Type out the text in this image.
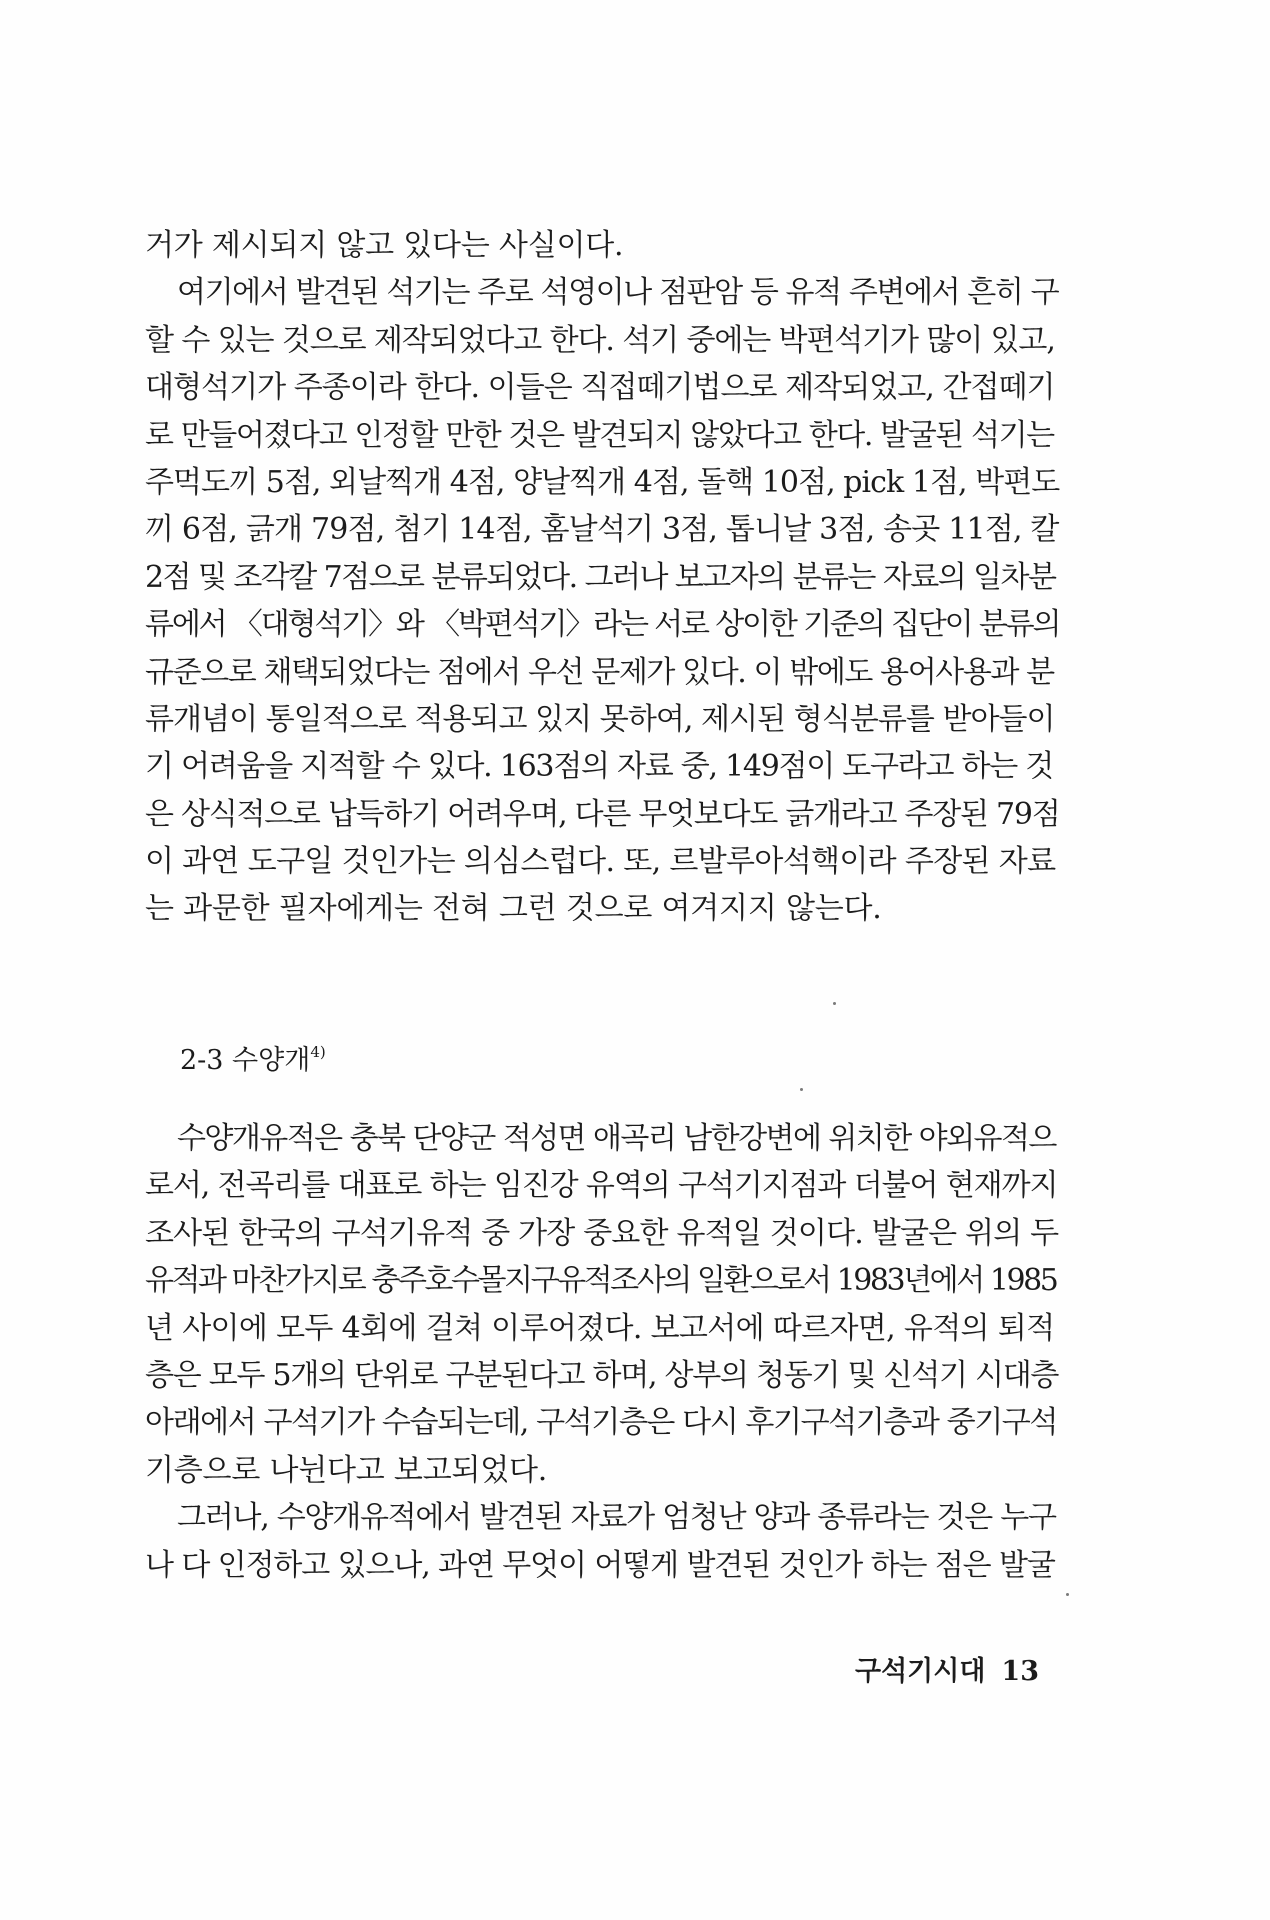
거가 제시되지 않고 있다는 사실이다.
여기에서 발견된 석기는 주로 석영이나 점판암 등 유적 주변에서 흔히 구
할 수 있는 것으로 제작되었다고 한다. 석기 중에는 박편석기가 많이 있고,
대형석기가 주종이라 한다. 이들은 직접떼기법으로 제작되었고, 간접떼기
로 만들어졌다고 인정할 만한 것은 발견되지 않았다고 한다. 발굴된 석기는
주먹도끼 5점, 외날찍개 4점, 양날찍개 4점, 돌핵 10점, pick 1점, 박편도
끼 6점, 긁개 79점, 첨기 14점, 홈날석기 3점, 톱니날 3점, 송곳 11점, 칼
2점 및 조각칼 7점으로 분류되었다. 그러나 보고자의 분류는 자료의 일차분
류에서 〈대형석기〉와 〈박편석기〉라는 서로 상이한 기준의 집단이 분류의
규준으로 채택되었다는 점에서 우선 문제가 있다. 이 밖에도 용어사용과 분
류개념이 통일적으로 적용되고 있지 못하여, 제시된 형식분류를 받아들이
기 어려움을 지적할 수 있다. 163점의 자료 중, 149점이 도구라고 하는 것
은 상식적으로 납득하기 어려우며, 다른 무엇보다도 긁개라고 주장된 79점
이 과연 도구일 것인가는 의심스럽다. 또, 르발루아석핵이라 주장된 자료
는 과문한 필자에게는 전혀 그런 것으로 여겨지지 않는다.
2-3 수양개$^{4)}$
수양개유적은 충북 단양군 적성면 애곡리 남한강변에 위치한 야외유적으
로서, 전곡리를 대표로 하는 임진강 유역의 구석기지점과 더불어 현재까지
조사된 한국의 구석기유적 중 가장 중요한 유적일 것이다. 발굴은 위의 두
유적과 마찬가지로 충주호수몰지구유적조사의 일환으로서 1983년에서 1985
년 사이에 모두 4회에 걸쳐 이루어졌다. 보고서에 따르자면, 유적의 퇴적
층은 모두 5개의 단위로 구분된다고 하며, 상부의 청동기 및 신석기 시대층
아래에서 구석기가 수습되는데, 구석기층은 다시 후기구석기층과 중기구석
기층으로 나뉜다고 보고되었다.
그러나, 수양개유적에서 발견된 자료가 엄청난 양과 종류라는 것은 누구
나 다 인정하고 있으나, 과연 무엇이 어떻게 발견된 것인가 하는 점은 발굴
구석기시대 13
